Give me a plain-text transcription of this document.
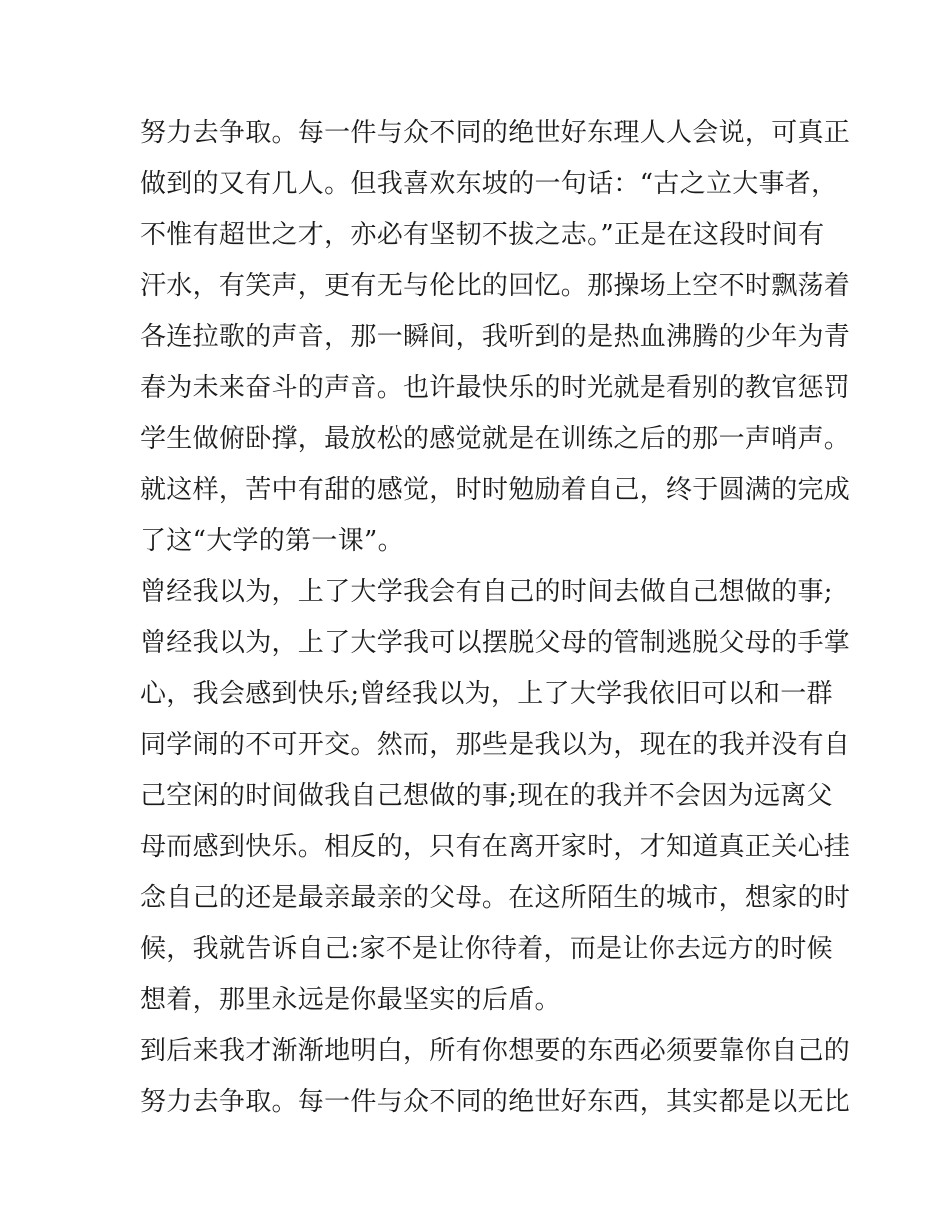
努力去争取。每一件与众不同的绝世好东理人人会说，可真正
做到的又有几人。但我喜欢东坡的一句话：“古之立大事者，
不惟有超世之才，亦必有坚韧不拔之志。”正是在这段时间有
汗水，有笑声，更有无与伦比的回忆。那操场上空不时飘荡着
各连拉歌的声音，那一瞬间，我听到的是热血沸腾的少年为青
春为未来奋斗的声音。也许最快乐的时光就是看别的教官惩罚
学生做俯卧撑，最放松的感觉就是在训练之后的那一声哨声。
就这样，苦中有甜的感觉，时时勉励着自己，终于圆满的完成
了这“大学的第一课”。
曾经我以为，上了大学我会有自己的时间去做自己想做的事;
曾经我以为，上了大学我可以摆脱父母的管制逃脱父母的手掌
心，我会感到快乐;曾经我以为，上了大学我依旧可以和一群
同学闹的不可开交。然而，那些是我以为，现在的我并没有自
己空闲的时间做我自己想做的事;现在的我并不会因为远离父
母而感到快乐。相反的，只有在离开家时，才知道真正关心挂
念自己的还是最亲最亲的父母。在这所陌生的城市，想家的时
候，我就告诉自己:家不是让你待着，而是让你去远方的时候
想着，那里永远是你最坚实的后盾。
到后来我才渐渐地明白，所有你想要的东西必须要靠你自己的
努力去争取。每一件与众不同的绝世好东西，其实都是以无比
